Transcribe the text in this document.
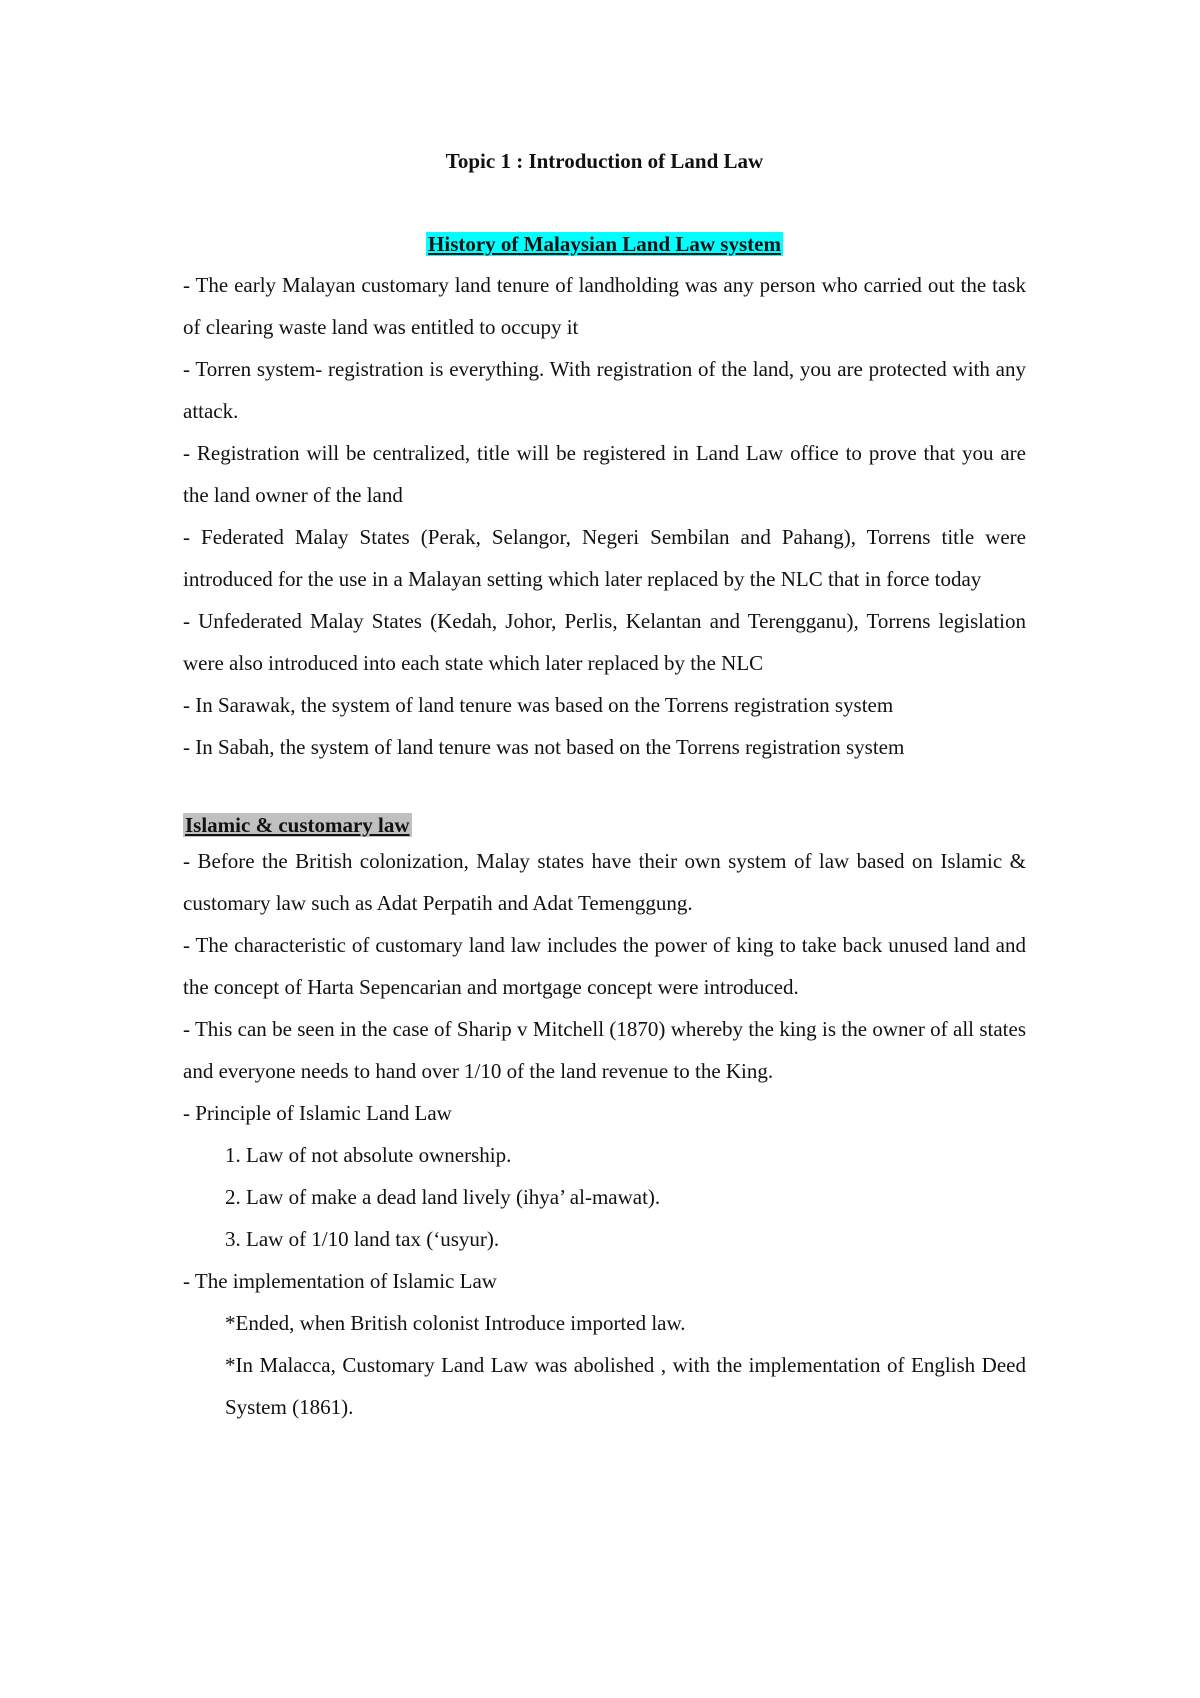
Topic 1 : Introduction of Land Law
History of Malaysian Land Law system

- The early Malayan customary land tenure of landholding was any person who carried out the task of clearing waste land was entitled to occupy it

- Torren system- registration is everything. With registration of the land, you are protected with any attack.

- Registration will be centralized, title will be registered in Land Law office to prove that you are the land owner of the land

- Federated Malay States (Perak, Selangor, Negeri Sembilan and Pahang), Torrens title were introduced for the use in a Malayan setting which later replaced by the NLC that in force today

- Unfederated Malay States (Kedah, Johor, Perlis, Kelantan and Terengganu), Torrens legislation were also introduced into each state which later replaced by the NLC

- In Sarawak, the system of land tenure was based on the Torrens registration system

- In Sabah, the system of land tenure was not based on the Torrens registration system

Islamic & customary law

- Before the British colonization, Malay states have their own system of law based on Islamic & customary law such as Adat Perpatih and Adat Temenggung.

- The characteristic of customary land law includes the power of king to take back unused land and the concept of Harta Sepencarian and mortgage concept were introduced.

- This can be seen in the case of Sharip v Mitchell (1870) whereby the king is the owner of all states and everyone needs to hand over 1/10 of the land revenue to the King.

- Principle of Islamic Land Law

1. Law of not absolute ownership.

2. Law of make a dead land lively (ihya’ al-mawat).

3. Law of 1/10 land tax (‘usyur).

- The implementation of Islamic Law

*Ended, when British colonist Introduce imported law.

*In Malacca, Customary Land Law was abolished , with the implementation of English Deed System (1861).
